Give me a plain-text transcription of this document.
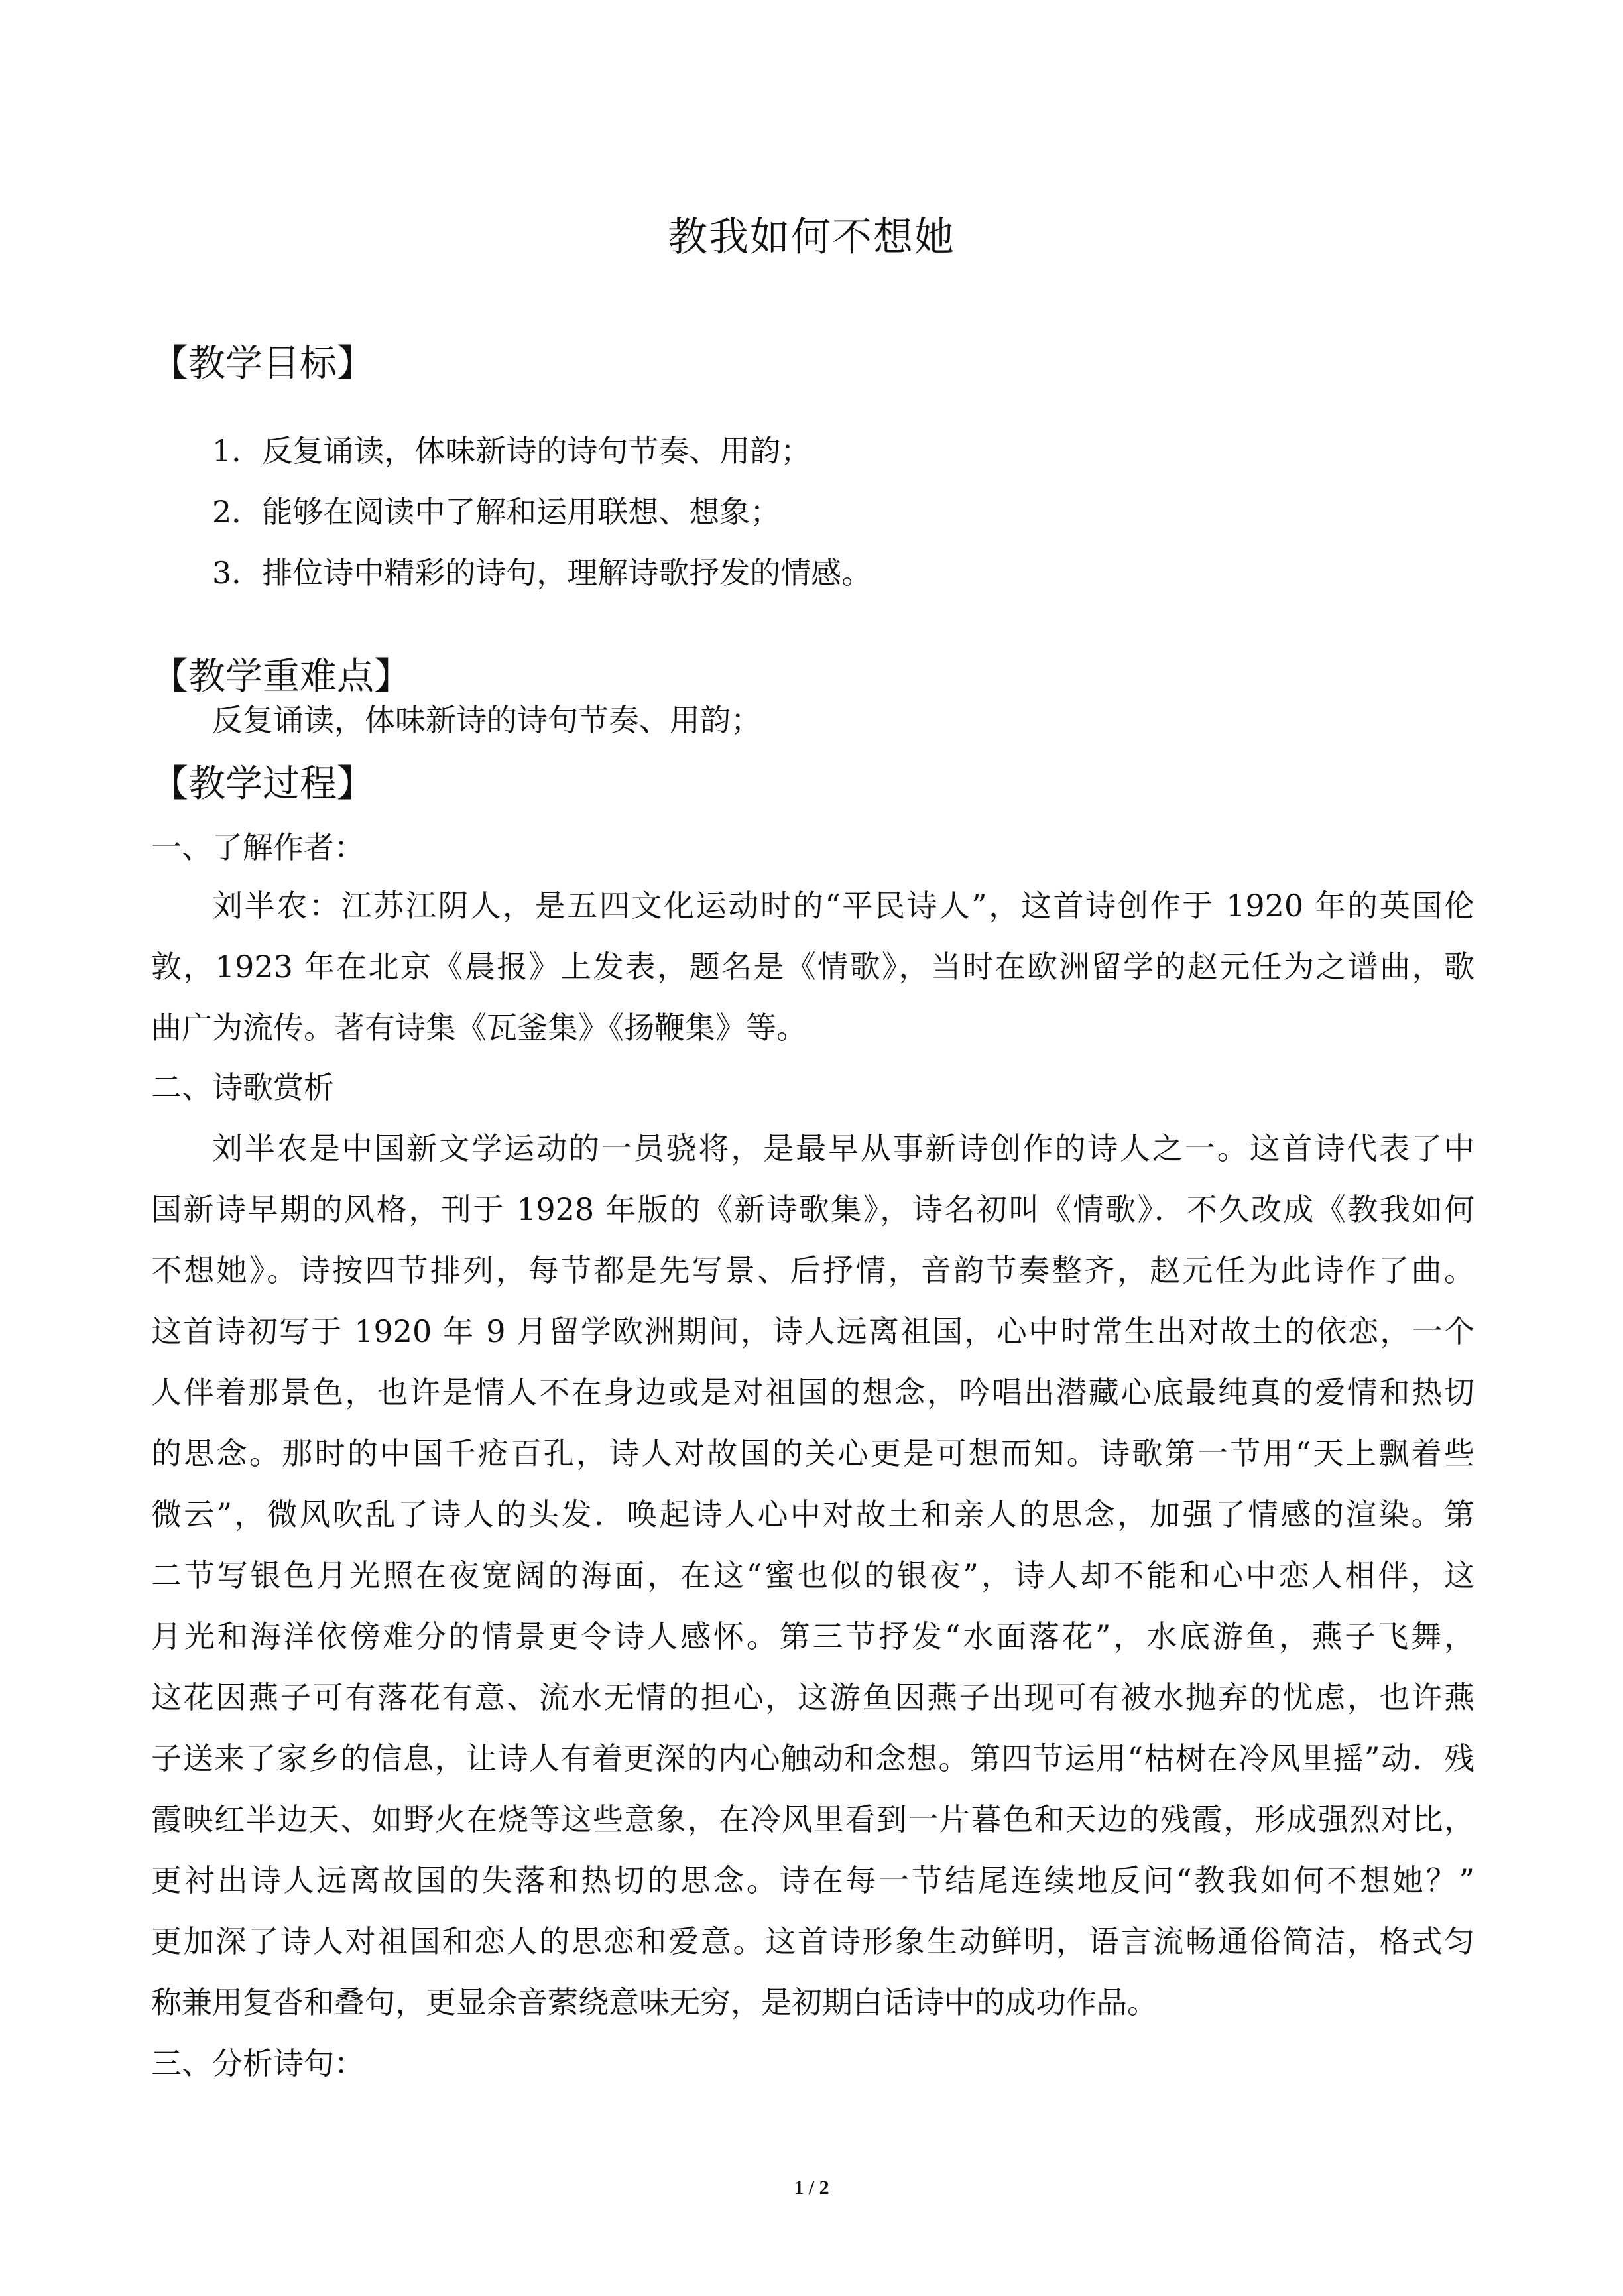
教我如何不想她
【教学目标】
1．反复诵读，体味新诗的诗句节奏、用韵；
2．能够在阅读中了解和运用联想、想象；
3．排位诗中精彩的诗句，理解诗歌抒发的情感。
【教学重难点】
反复诵读，体味新诗的诗句节奏、用韵；
【教学过程】
一、了解作者：
刘半农：江苏江阴人，是五四文化运动时的“平民诗人”，这首诗创作于 1920 年的英国伦
敦，1923 年在北京《晨报》上发表，题名是《情歌》，当时在欧洲留学的赵元任为之谱曲，歌
曲广为流传。著有诗集《瓦釜集》《扬鞭集》等。
二、诗歌赏析
刘半农是中国新文学运动的一员骁将，是最早从事新诗创作的诗人之一。这首诗代表了中
国新诗早期的风格，刊于 1928 年版的《新诗歌集》，诗名初叫《情歌》．不久改成《教我如何
不想她》。诗按四节排列，每节都是先写景、后抒情，音韵节奏整齐，赵元任为此诗作了曲。
这首诗初写于 1920 年 9 月留学欧洲期间，诗人远离祖国，心中时常生出对故土的依恋，一个
人伴着那景色，也许是情人不在身边或是对祖国的想念，吟唱出潜藏心底最纯真的爱情和热切
的思念。那时的中国千疮百孔，诗人对故国的关心更是可想而知。诗歌第一节用“天上飘着些
微云”，微风吹乱了诗人的头发．唤起诗人心中对故土和亲人的思念，加强了情感的渲染。第
二节写银色月光照在夜宽阔的海面，在这“蜜也似的银夜”，诗人却不能和心中恋人相伴，这
月光和海洋依傍难分的情景更令诗人感怀。第三节抒发“水面落花”，水底游鱼，燕子飞舞，
这花因燕子可有落花有意、流水无情的担心，这游鱼因燕子出现可有被水抛弃的忧虑，也许燕
子送来了家乡的信息，让诗人有着更深的内心触动和念想。第四节运用“枯树在冷风里摇”动．残
霞映红半边天、如野火在烧等这些意象，在冷风里看到一片暮色和天边的残霞，形成强烈对比，
更衬出诗人远离故国的失落和热切的思念。诗在每一节结尾连续地反问“教我如何不想她？”
更加深了诗人对祖国和恋人的思恋和爱意。这首诗形象生动鲜明，语言流畅通俗简洁，格式匀
称兼用复沓和叠句，更显余音萦绕意味无穷，是初期白话诗中的成功作品。
三、分析诗句：
1 / 2
